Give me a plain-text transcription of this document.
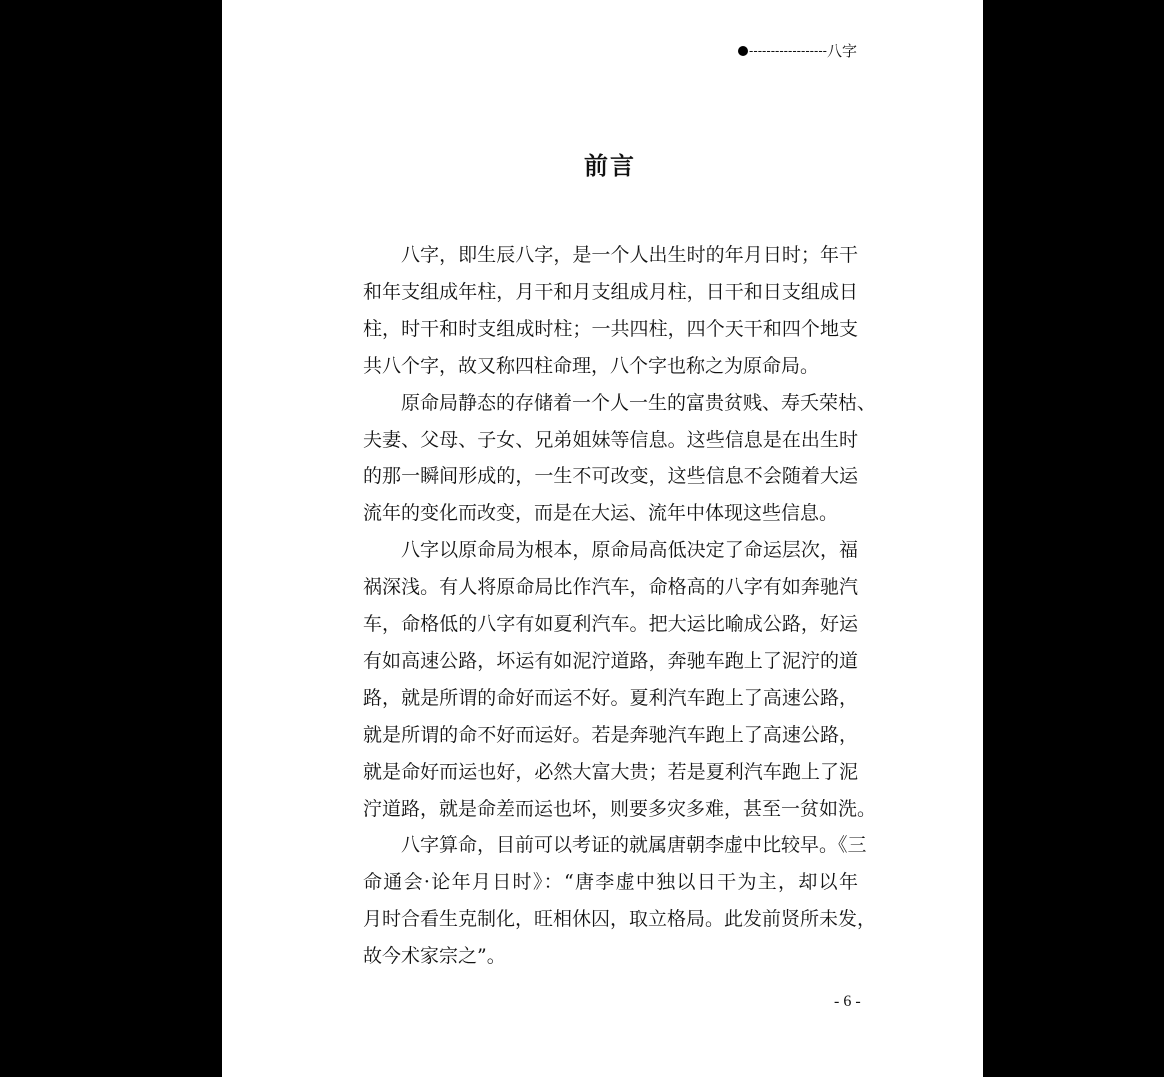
------------------八字
前言
八字，即生辰八字，是一个人出生时的年月日时；年干
和年支组成年柱，月干和月支组成月柱，日干和日支组成日
柱，时干和时支组成时柱；一共四柱，四个天干和四个地支
共八个字，故又称四柱命理，八个字也称之为原命局。
原命局静态的存储着一个人一生的富贵贫贱、寿夭荣枯、
夫妻、父母、子女、兄弟姐妹等信息。这些信息是在出生时
的那一瞬间形成的，一生不可改变，这些信息不会随着大运
流年的变化而改变，而是在大运、流年中体现这些信息。
八字以原命局为根本，原命局高低决定了命运层次，福
祸深浅。有人将原命局比作汽车，命格高的八字有如奔驰汽
车，命格低的八字有如夏利汽车。把大运比喻成公路，好运
有如高速公路，坏运有如泥泞道路，奔驰车跑上了泥泞的道
路，就是所谓的命好而运不好。夏利汽车跑上了高速公路，
就是所谓的命不好而运好。若是奔驰汽车跑上了高速公路，
就是命好而运也好，必然大富大贵；若是夏利汽车跑上了泥
泞道路，就是命差而运也坏，则要多灾多难，甚至一贫如洗。
八字算命，目前可以考证的就属唐朝李虚中比较早。《三
命通会·论年月日时》：“唐李虚中独以日干为主，却以年
月时合看生克制化，旺相休囚，取立格局。此发前贤所未发，
故今术家宗之”。
- 6 -
